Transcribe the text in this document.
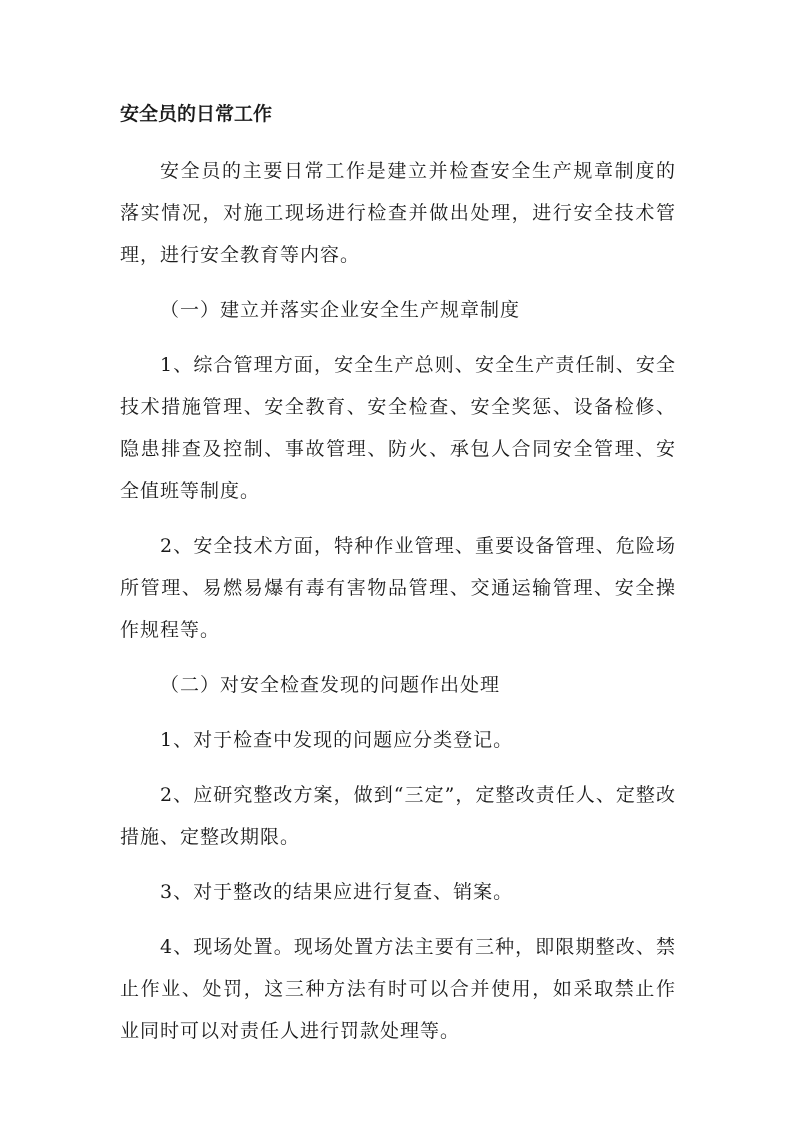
安全员的日常工作

安全员的主要日常工作是建立并检查安全生产规章制度的落实情况，对施工现场进行检查并做出处理，进行安全技术管理，进行安全教育等内容。

（一）建立并落实企业安全生产规章制度

1、综合管理方面，安全生产总则、安全生产责任制、安全技术措施管理、安全教育、安全检查、安全奖惩、设备检修、隐患排查及控制、事故管理、防火、承包人合同安全管理、安全值班等制度。

2、安全技术方面，特种作业管理、重要设备管理、危险场所管理、易燃易爆有毒有害物品管理、交通运输管理、安全操作规程等。

（二）对安全检查发现的问题作出处理

1、对于检查中发现的问题应分类登记。

2、应研究整改方案，做到“三定”，定整改责任人、定整改措施、定整改期限。

3、对于整改的结果应进行复查、销案。

4、现场处置。现场处置方法主要有三种，即限期整改、禁止作业、处罚，这三种方法有时可以合并使用，如采取禁止作业同时可以对责任人进行罚款处理等。
